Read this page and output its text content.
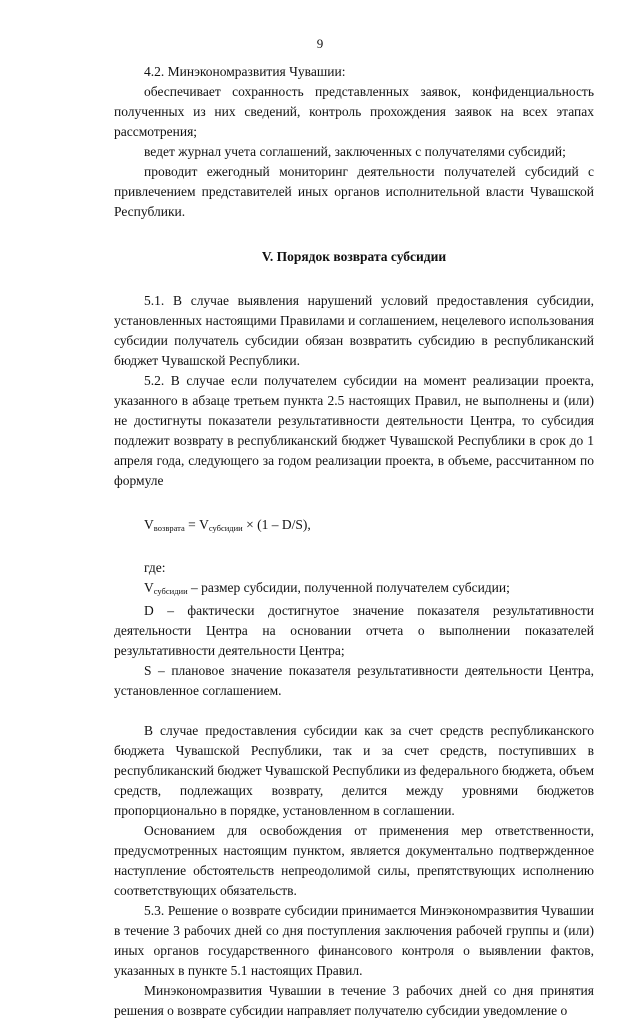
9

4.2. Минэкономразвития Чувашии:

обеспечивает сохранность представленных заявок, конфиденциальность полученных из них сведений, контроль прохождения заявок на всех этапах рассмотрения;

ведет журнал учета соглашений, заключенных с получателями субсидий;

проводит ежегодный мониторинг деятельности получателей субсидий с привлечением представителей иных органов исполнительной власти Чувашской Республики.

V. Порядок возврата субсидии

5.1. В случае выявления нарушений условий предоставления субсидии, установленных настоящими Правилами и соглашением, нецелевого использования субсидии получатель субсидии обязан возвратить субсидию в республиканский бюджет Чувашской Республики.

5.2. В случае если получателем субсидии на момент реализации проекта, указанного в абзаце третьем пункта 2.5 настоящих Правил, не выполнены и (или) не достигнуты показатели результативности деятельности Центра, то субсидия подлежит возврату в республиканский бюджет Чувашской Республики в срок до 1 апреля года, следующего за годом реализации проекта, в объеме, рассчитанном по формуле

$V_{возврата} = V_{субсидии} \times (1 - D/S)$,

где:

$V_{субсидии}$ – размер субсидии, полученной получателем субсидии;

D – фактически достигнутое значение показателя результативности деятельности Центра на основании отчета о выполнении показателей результативности деятельности Центра;

S – плановое значение показателя результативности деятельности Центра, установленное соглашением.

В случае предоставления субсидии как за счет средств республиканского бюджета Чувашской Республики, так и за счет средств, поступивших в республиканский бюджет Чувашской Республики из федерального бюджета, объем средств, подлежащих возврату, делится между уровнями бюджетов пропорционально в порядке, установленном в соглашении.

Основанием для освобождения от применения мер ответственности, предусмотренных настоящим пунктом, является документально подтвержденное наступление обстоятельств непреодолимой силы, препятствующих исполнению соответствующих обязательств.

5.3. Решение о возврате субсидии принимается Минэкономразвития Чувашии в течение 3 рабочих дней со дня поступления заключения рабочей группы и (или) иных органов государственного финансового контроля о выявлении фактов, указанных в пункте 5.1 настоящих Правил.

Минэкономразвития Чувашии в течение 3 рабочих дней со дня принятия решения о возврате субсидии направляет получателю субсидии уведомление о
